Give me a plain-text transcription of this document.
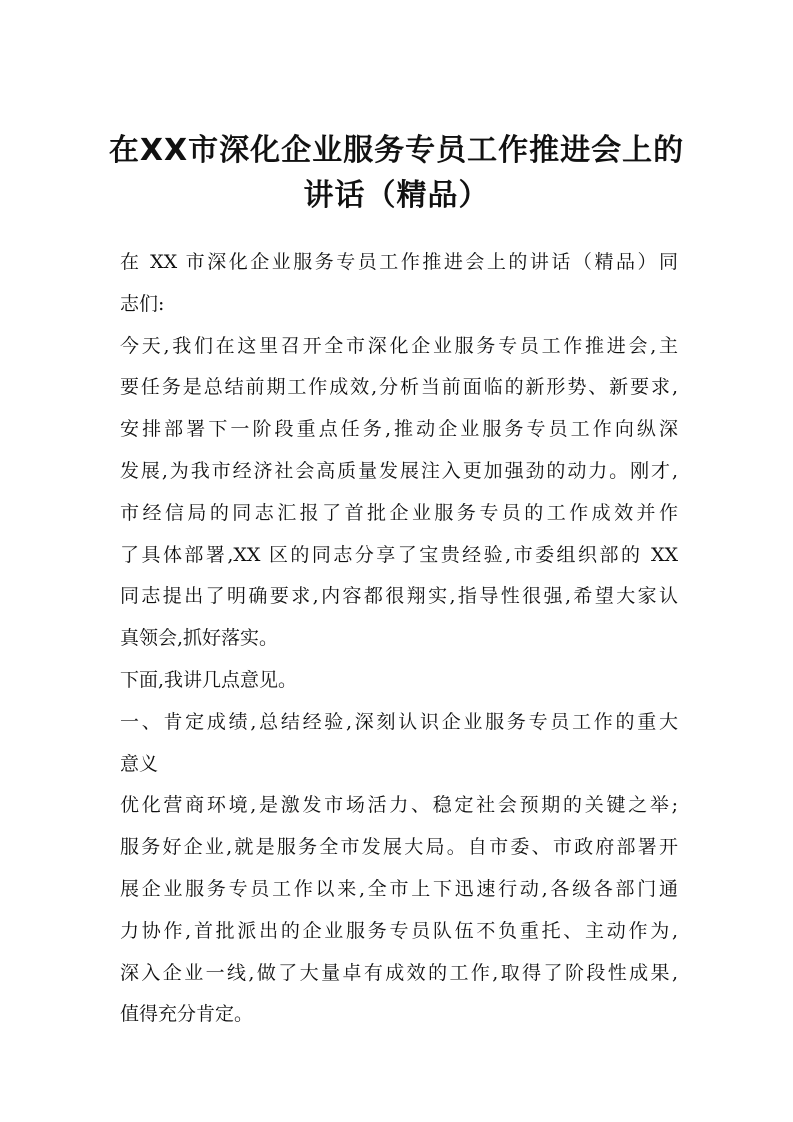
在XX市深化企业服务专员工作推进会上的
讲话（精品）
在 XX 市深化企业服务专员工作推进会上的讲话（精品）同
志们:
今天,我们在这里召开全市深化企业服务专员工作推进会,主
要任务是总结前期工作成效,分析当前面临的新形势、新要求,
安排部署下一阶段重点任务,推动企业服务专员工作向纵深
发展,为我市经济社会高质量发展注入更加强劲的动力。刚才,
市经信局的同志汇报了首批企业服务专员的工作成效并作
了具体部署,XX 区的同志分享了宝贵经验,市委组织部的 XX
同志提出了明确要求,内容都很翔实,指导性很强,希望大家认
真领会,抓好落实。
下面,我讲几点意见。
一、肯定成绩,总结经验,深刻认识企业服务专员工作的重大
意义
优化营商环境,是激发市场活力、稳定社会预期的关键之举;
服务好企业,就是服务全市发展大局。自市委、市政府部署开
展企业服务专员工作以来,全市上下迅速行动,各级各部门通
力协作,首批派出的企业服务专员队伍不负重托、主动作为,
深入企业一线,做了大量卓有成效的工作,取得了阶段性成果,
值得充分肯定。
